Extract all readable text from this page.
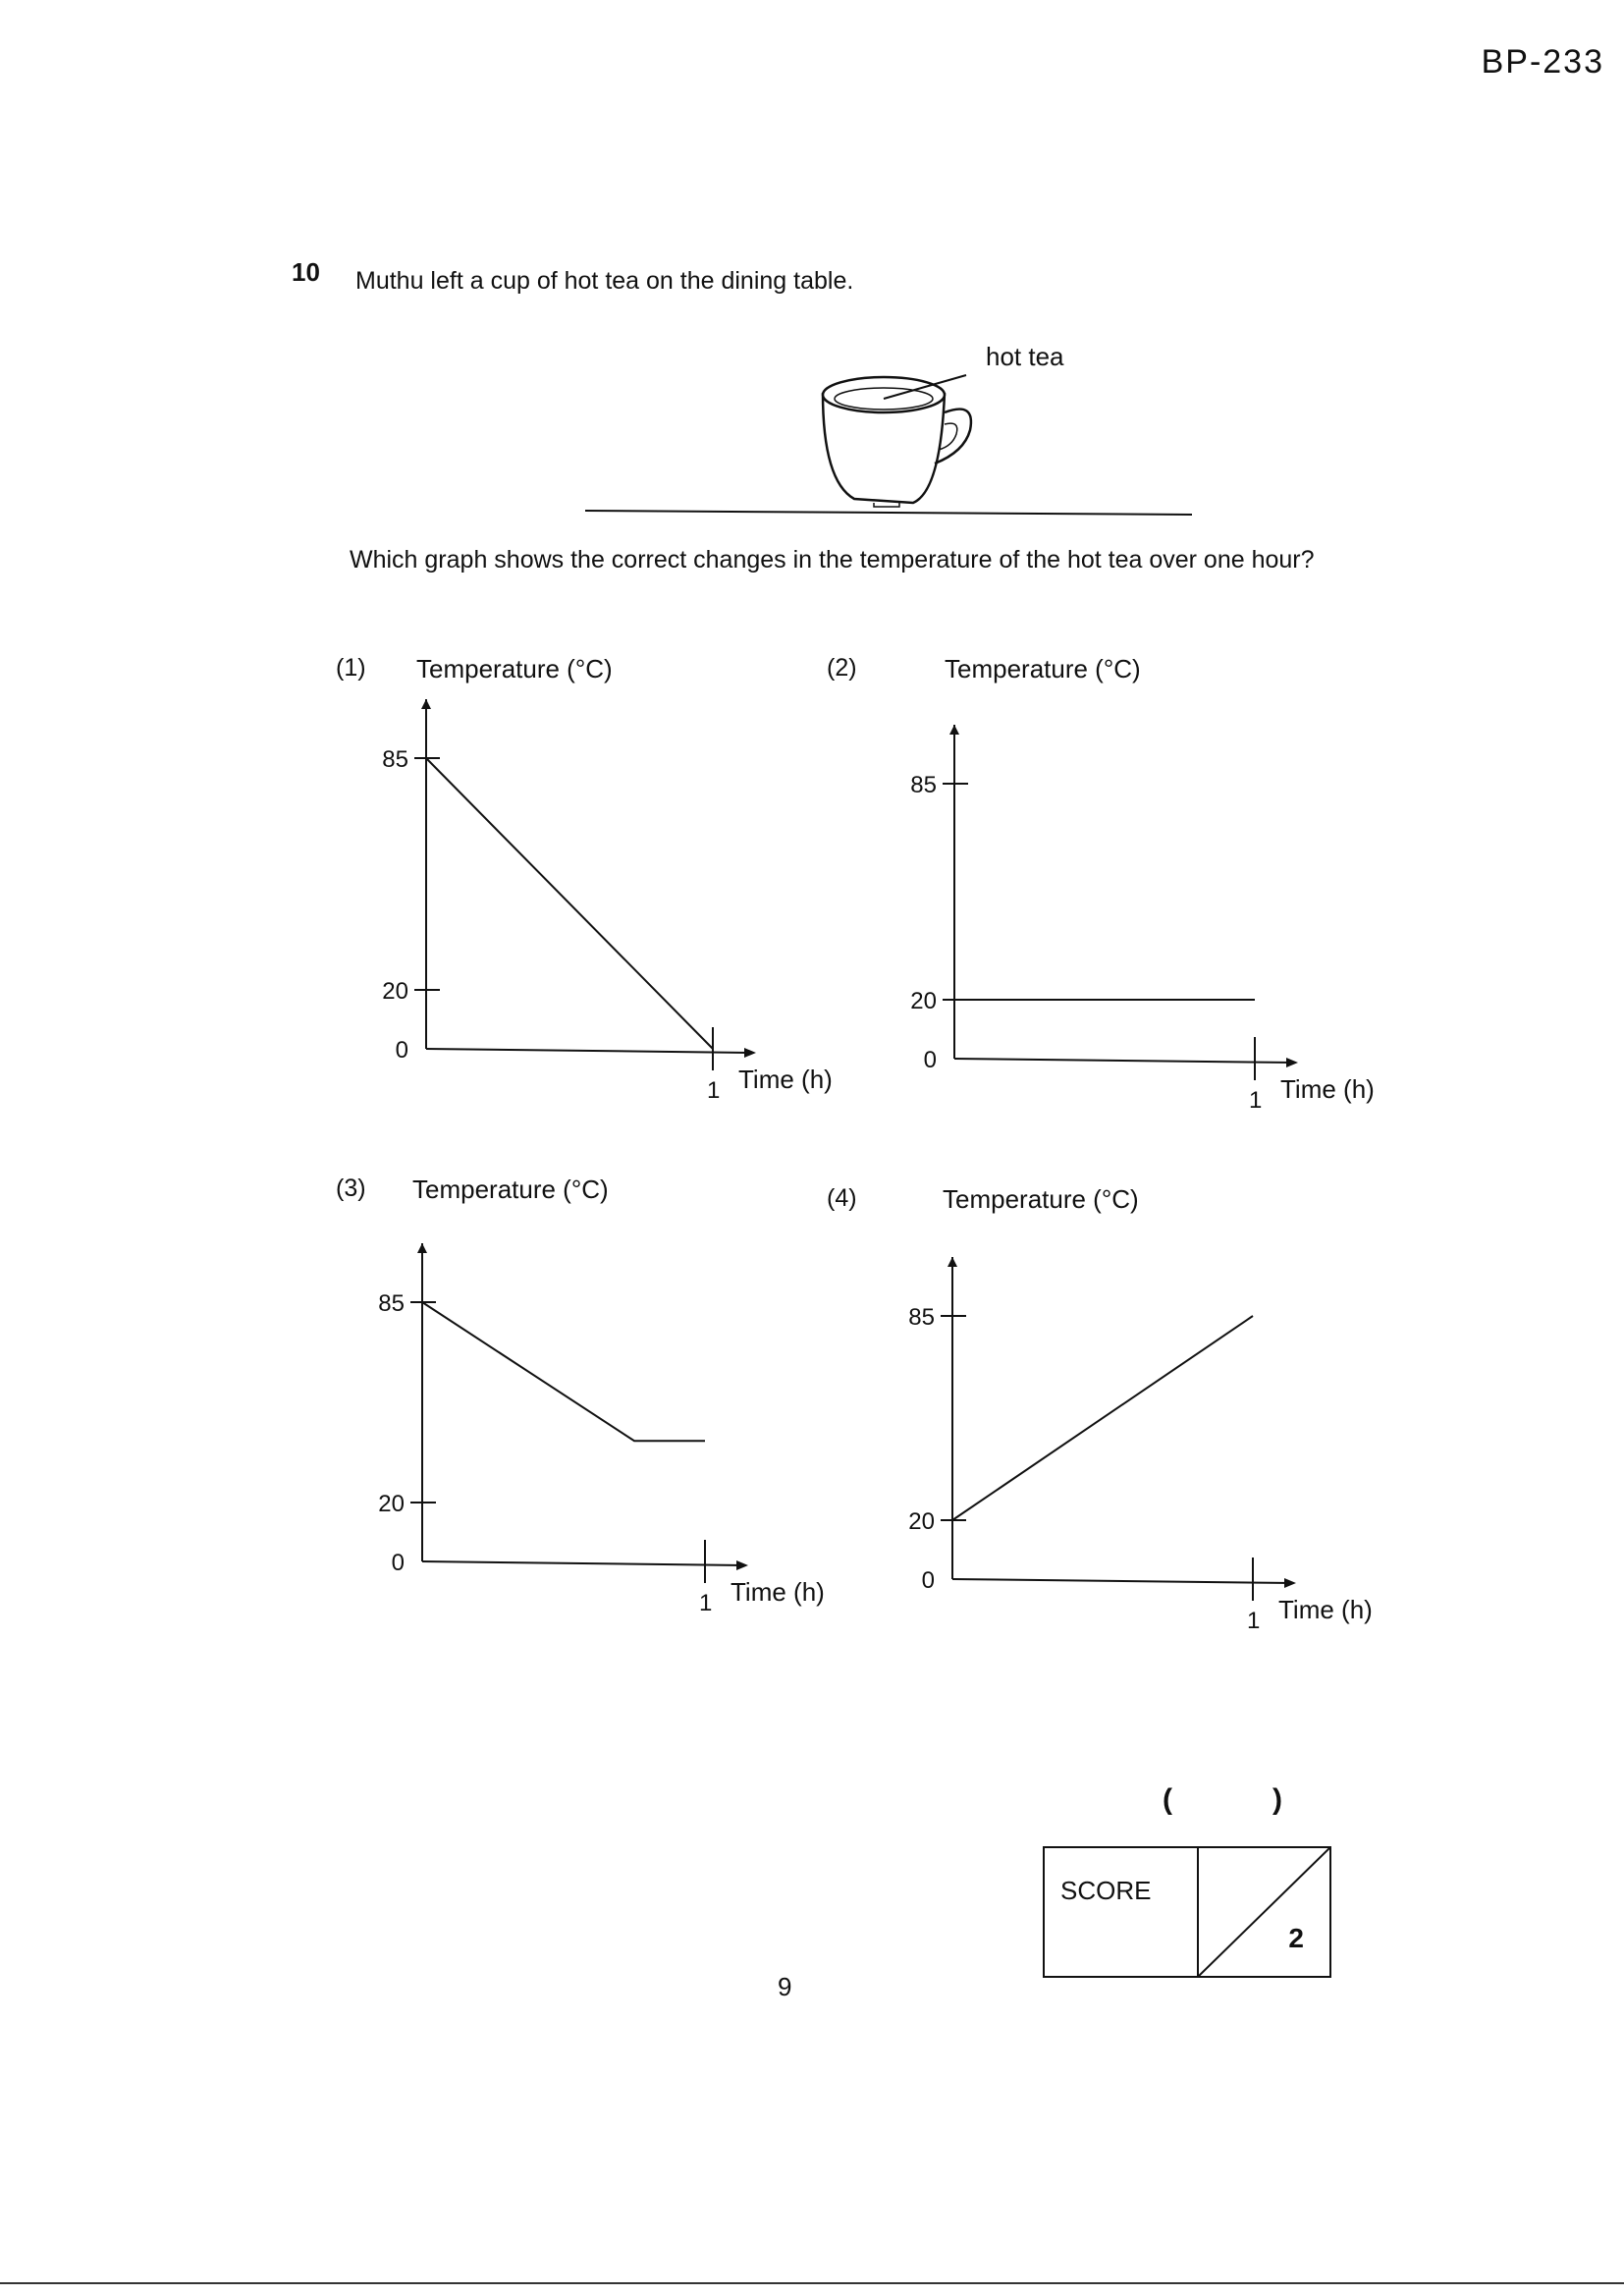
BP-233
10 Muthu left a cup of hot tea on the dining table.
hot tea
Which graph shows the correct changes in the temperature of the hot tea over one hour?
(1) Temperature (°C)
85
20
0
1 Time (h)
(2)	Temperature (°C)
85
20
0
1 Time (h)
(3) Temperature (°C)
85
20
0
1 Time (h)
(4)	Temperature (°C)
85
20
0
1 Time (h)
(	)
SCORE
2
9
